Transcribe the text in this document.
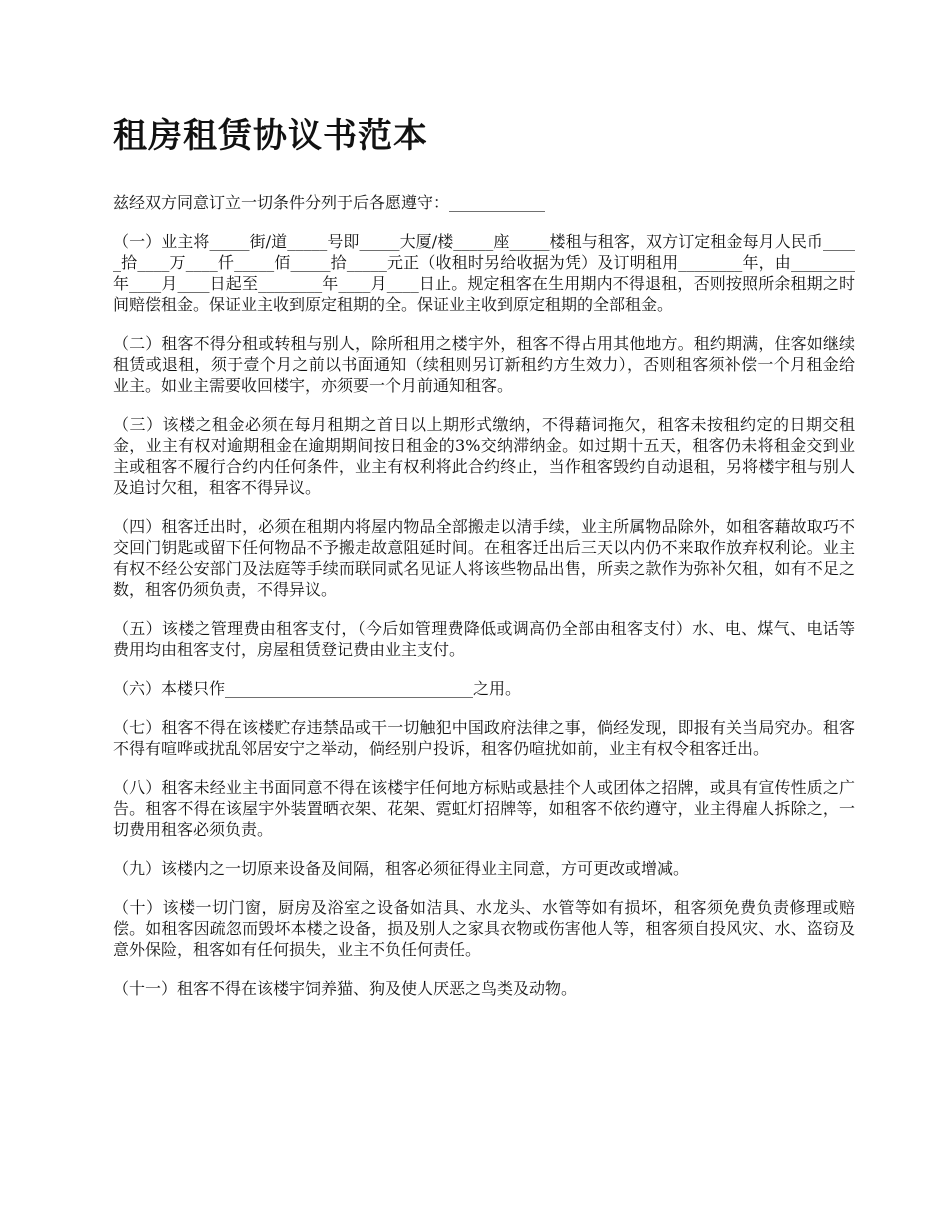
租房租赁协议书范本

兹经双方同意订立一切条件分列于后各愿遵守：____________

（一）业主将_____街/道_____号即_____大厦/楼_____座_____楼租与租客，双方订定租金每月人民币_____拾____万____仟_____佰_____拾_____元正（收租时另给收据为凭）及订明租用________年，由________年____月____日起至________年____月____日止。规定租客在生用期内不得退租，否则按照所余租期之时间赔偿租金。保证业主收到原定租期的全。保证业主收到原定租期的全部租金。

（二）租客不得分租或转租与别人，除所租用之楼宇外，租客不得占用其他地方。租约期满，住客如继续租赁或退租，须于壹个月之前以书面通知（续租则另订新租约方生效力），否则租客须补偿一个月租金给业主。如业主需要收回楼宇，亦须要一个月前通知租客。

（三）该楼之租金必须在每月租期之首日以上期形式缴纳，不得藉词拖欠，租客未按租约定的日期交租金，业主有权对逾期租金在逾期期间按日租金的3%交纳滞纳金。如过期十五天，租客仍未将租金交到业主或租客不履行合约内任何条件，业主有权利将此合约终止，当作租客毁约自动退租，另将楼宇租与别人及追讨欠租，租客不得异议。

（四）租客迁出时，必须在租期内将屋内物品全部搬走以清手续，业主所属物品除外，如租客藉故取巧不交回门钥匙或留下任何物品不予搬走故意阻延时间。在租客迁出后三天以内仍不来取作放弃权利论。业主有权不经公安部门及法庭等手续而联同贰名见证人将该些物品出售，所卖之款作为弥补欠租，如有不足之数，租客仍须负责，不得异议。

（五）该楼之管理费由租客支付，（今后如管理费降低或调高仍全部由租客支付）水、电、煤气、电话等费用均由租客支付，房屋租赁登记费由业主支付。

（六）本楼只作_______________________________之用。

（七）租客不得在该楼贮存违禁品或干一切触犯中国政府法律之事，倘经发现，即报有关当局究办。租客不得有喧哗或扰乱邻居安宁之举动，倘经别户投诉，租客仍喧扰如前，业主有权令租客迁出。

（八）租客未经业主书面同意不得在该楼宇任何地方标贴或悬挂个人或团体之招牌，或具有宣传性质之广告。租客不得在该屋宇外装置晒衣架、花架、霓虹灯招牌等，如租客不依约遵守，业主得雇人拆除之，一切费用租客必须负责。

（九）该楼内之一切原来设备及间隔，租客必须征得业主同意，方可更改或增减。

（十）该楼一切门窗，厨房及浴室之设备如洁具、水龙头、水管等如有损坏，租客须免费负责修理或赔偿。如租客因疏忽而毁坏本楼之设备，损及别人之家具衣物或伤害他人等，租客须自投风灾、水、盗窃及意外保险，租客如有任何损失，业主不负任何责任。

（十一）租客不得在该楼宇饲养猫、狗及使人厌恶之鸟类及动物。
